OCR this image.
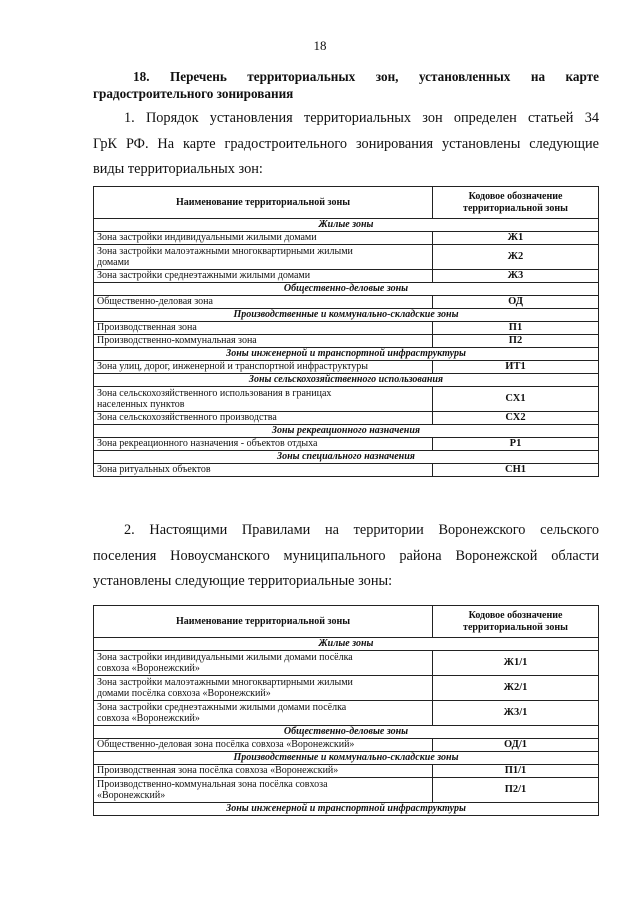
18
18. Перечень территориальных зон, установленных на карте
градостроительного зонирования
1. Порядок установления территориальных зон определен статьей 34
ГрК РФ. На карте градостроительного зонирования установлены следующие
виды территориальных зон:
Наименование территориальной зоны	Кодовое обозначение
территориальной зоны
Жилые зоны	
Зона застройки индивидуальными жилыми домами	Ж1
Зона застройки малоэтажными многоквартирными жилыми
домами	Ж2
Зона застройки среднеэтажными жилыми домами	Ж3
Общественно-деловые зоны	
Общественно-деловая зона	ОД
Производственные и коммунально-складские зоны	
Производственная зона	П1
Производственно-коммунальная зона	П2
Зоны инженерной и транспортной инфраструктуры	
Зона улиц, дорог, инженерной и транспортной инфраструктуры	ИТ1
Зоны сельскохозяйственного использования	
Зона сельскохозяйственного использования в границах
населенных пунктов	СХ1
Зона сельскохозяйственного производства	СХ2
Зоны рекреационного назначения	
Зона рекреационного назначения - объектов отдыха	Р1
Зоны специального назначения	
Зона ритуальных объектов	СН1
2. Настоящими Правилами на территории Воронежского сельского
поселения Новоусманского муниципального района Воронежской области
установлены следующие территориальные зоны:
Наименование территориальной зоны	Кодовое обозначение
территориальной зоны
Жилые зоны	
Зона застройки индивидуальными жилыми домами посёлка
совхоза «Воронежский»	Ж1/1
Зона застройки малоэтажными многоквартирными жилыми
домами посёлка совхоза «Воронежский»	Ж2/1
Зона застройки среднеэтажными жилыми домами посёлка
совхоза «Воронежский»	Ж3/1
Общественно-деловые зоны	
Общественно-деловая зона посёлка совхоза «Воронежский»	ОД/1
Производственные и коммунально-складские зоны	
Производственная зона посёлка совхоза «Воронежский»	П1/1
Производственно-коммунальная зона посёлка совхоза
«Воронежский»	П2/1
Зоны инженерной и транспортной инфраструктуры	
